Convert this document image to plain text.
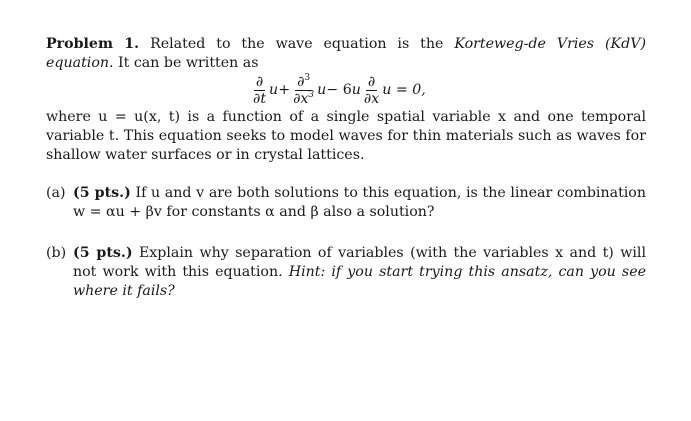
Problem 1. Related to the wave equation is the Korteweg-de Vries (KdV) equation. It can be written as
$\frac{\partial}{\partial t}$ $u + \frac{\partial^3}{\partial x^3}$ u − 6 u $\frac{\partial}{\partial x}$ u = 0,
where u = u(x, t) is a function of a single spatial variable x and one temporal variable t. This equation seeks to model waves for thin materials such as waves for shallow water surfaces or in crystal lattices.
(a) (5 pts.) If u and v are both solutions to this equation, is the linear combination w = αu + βv for constants α and β also a solution?
(b) (5 pts.) Explain why separation of variables (with the variables x and t) will not work with this equation. Hint: if you start trying this ansatz, can you see where it fails?
